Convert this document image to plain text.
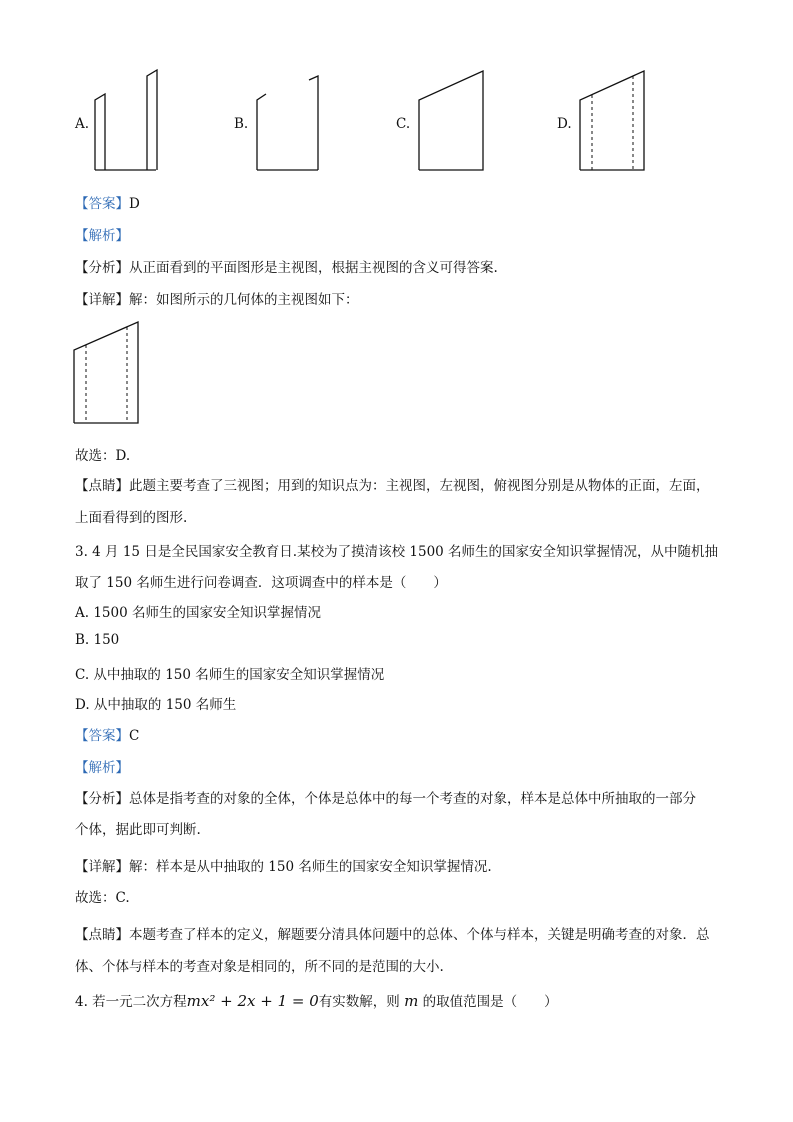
A.	B.	C.	D.
【答案】D
【解析】
【分析】从正面看到的平面图形是主视图，根据主视图的含义可得答案.
【详解】解：如图所示的几何体的主视图如下：
故选：D.
【点睛】此题主要考查了三视图；用到的知识点为：主视图，左视图，俯视图分别是从物体的正面，左面，
上面看得到的图形.
3. 4 月 15 日是全民国家安全教育日.某校为了摸清该校 1500 名师生的国家安全知识掌握情况，从中随机抽
取了 150 名师生进行问卷调查．这项调查中的样本是（　　）
A. 1500 名师生的国家安全知识掌握情况
B. 150
C. 从中抽取的 150 名师生的国家安全知识掌握情况
D. 从中抽取的 150 名师生
【答案】C
【解析】
【分析】总体是指考查的对象的全体，个体是总体中的每一个考查的对象，样本是总体中所抽取的一部分
个体，据此即可判断.
【详解】解：样本是从中抽取的 150 名师生的国家安全知识掌握情况.
故选：C.
【点睛】本题考查了样本的定义，解题要分清具体问题中的总体、个体与样本，关键是明确考查的对象．总
体、个体与样本的考查对象是相同的，所不同的是范围的大小.
4. 若一元二次方程mx² + 2x + 1 = 0有实数解，则 m 的取值范围是（　　）
